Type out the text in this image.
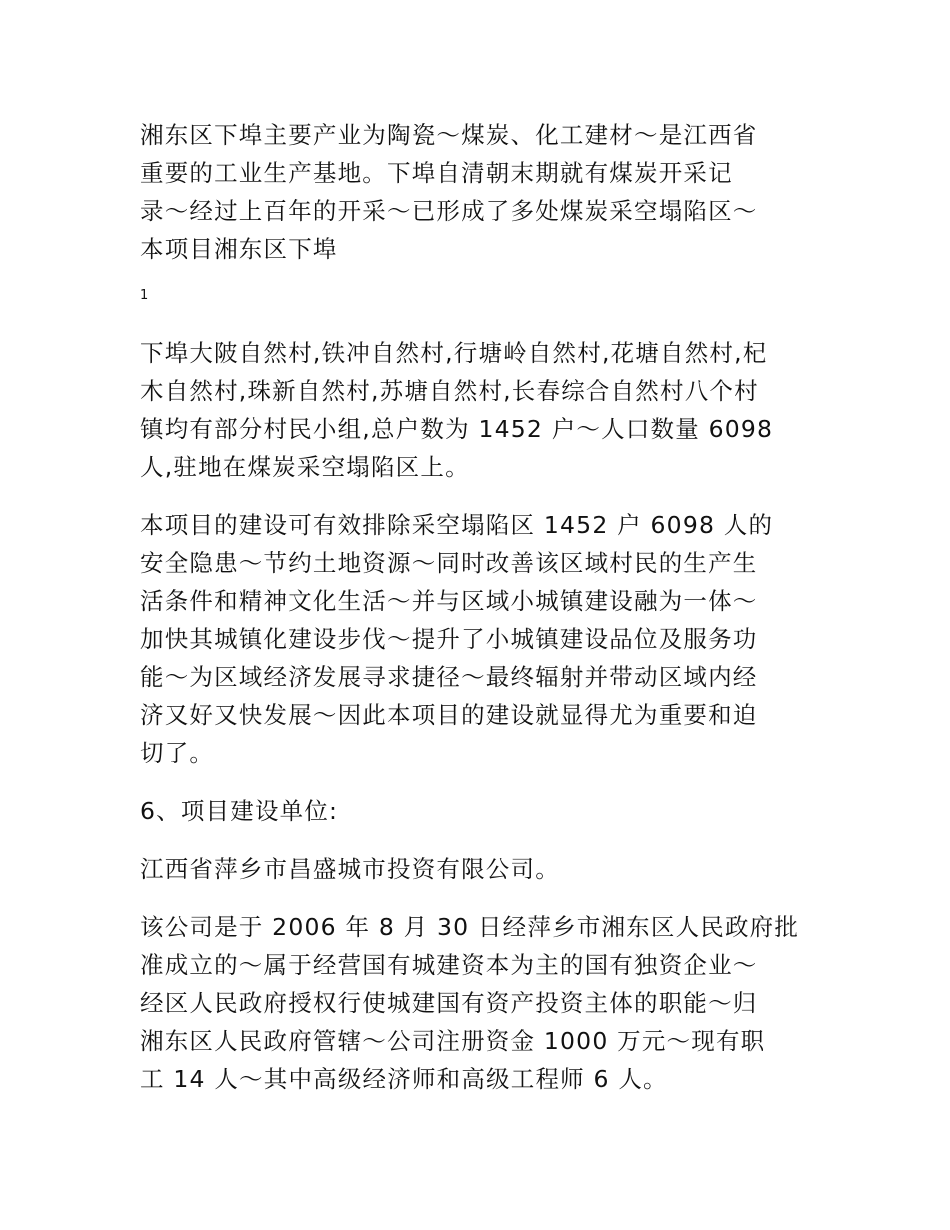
湘东区下埠主要产业为陶瓷～煤炭、化工建材～是江西省
重要的工业生产基地。下埠自清朝末期就有煤炭开采记
录～经过上百年的开采～已形成了多处煤炭采空塌陷区～
本项目湘东区下埠
1
下埠大陂自然村,铁冲自然村,行塘岭自然村,花塘自然村,杞
木自然村,珠新自然村,苏塘自然村,长春综合自然村八个村
镇均有部分村民小组,总户数为 1452 户～人口数量 6098
人,驻地在煤炭采空塌陷区上。
本项目的建设可有效排除采空塌陷区 1452 户 6098 人的
安全隐患～节约土地资源～同时改善该区域村民的生产生
活条件和精神文化生活～并与区域小城镇建设融为一体～
加快其城镇化建设步伐～提升了小城镇建设品位及服务功
能～为区域经济发展寻求捷径～最终辐射并带动区域内经
济又好又快发展～因此本项目的建设就显得尤为重要和迫
切了。
6、项目建设单位:
江西省萍乡市昌盛城市投资有限公司。
该公司是于 2006 年 8 月 30 日经萍乡市湘东区人民政府批
准成立的～属于经营国有城建资本为主的国有独资企业～
经区人民政府授权行使城建国有资产投资主体的职能～归
湘东区人民政府管辖～公司注册资金 1000 万元～现有职
工 14 人～其中高级经济师和高级工程师 6 人。
